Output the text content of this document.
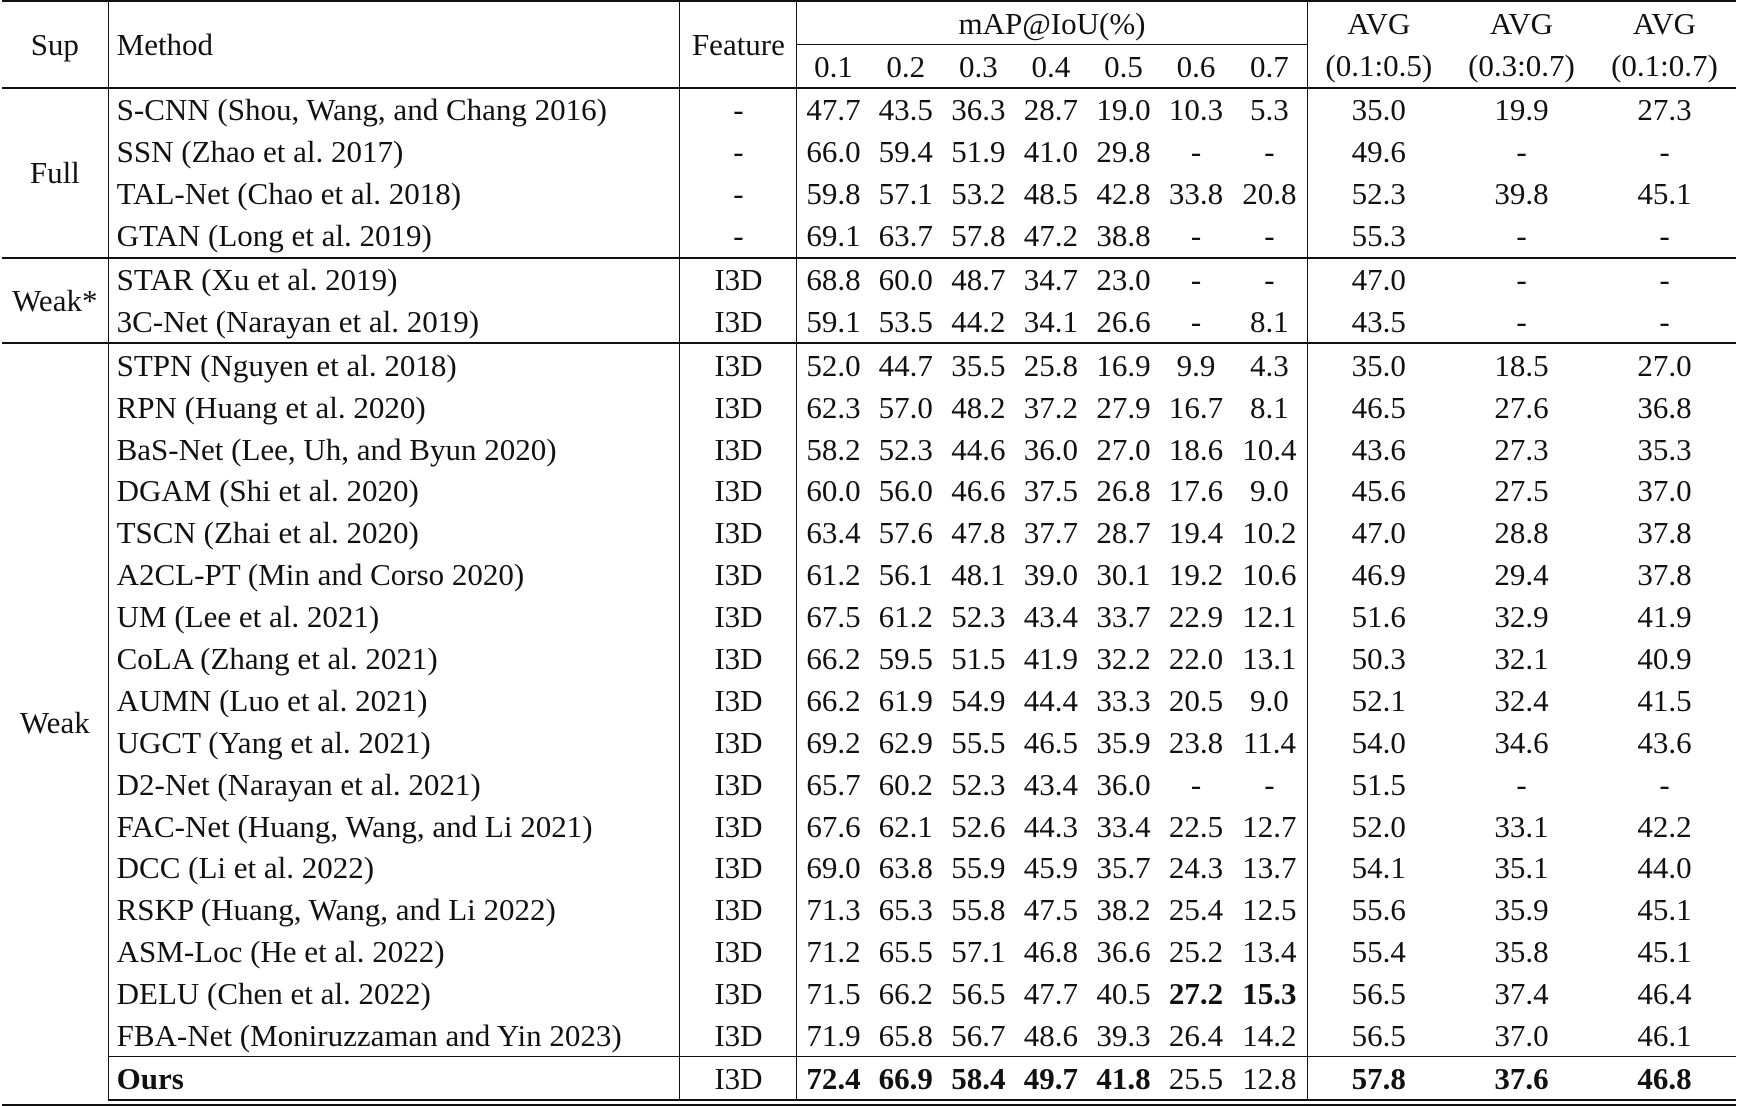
Sup	Method	Feature	mAP@IoU(%)							AVG	AVG	AVG
			0.1	0.2	0.3	0.4	0.5	0.6	0.7	(0.1:0.5)	(0.3:0.7)	(0.1:0.7)
Full	S-CNN (Shou, Wang, and Chang 2016)	-	47.7	43.5	36.3	28.7	19.0	10.3	5.3	35.0	19.9	27.3
	SSN (Zhao et al. 2017)	-	66.0	59.4	51.9	41.0	29.8	-	-	49.6	-	-
	TAL-Net (Chao et al. 2018)	-	59.8	57.1	53.2	48.5	42.8	33.8	20.8	52.3	39.8	45.1
	GTAN (Long et al. 2019)	-	69.1	63.7	57.8	47.2	38.8	-	-	55.3	-	-
Weak*	STAR (Xu et al. 2019)	I3D	68.8	60.0	48.7	34.7	23.0	-	-	47.0	-	-
	3C-Net (Narayan et al. 2019)	I3D	59.1	53.5	44.2	34.1	26.6	-	8.1	43.5	-	-
Weak	STPN (Nguyen et al. 2018)	I3D	52.0	44.7	35.5	25.8	16.9	9.9	4.3	35.0	18.5	27.0
	RPN (Huang et al. 2020)	I3D	62.3	57.0	48.2	37.2	27.9	16.7	8.1	46.5	27.6	36.8
	BaS-Net (Lee, Uh, and Byun 2020)	I3D	58.2	52.3	44.6	36.0	27.0	18.6	10.4	43.6	27.3	35.3
	DGAM (Shi et al. 2020)	I3D	60.0	56.0	46.6	37.5	26.8	17.6	9.0	45.6	27.5	37.0
	TSCN (Zhai et al. 2020)	I3D	63.4	57.6	47.8	37.7	28.7	19.4	10.2	47.0	28.8	37.8
	A2CL-PT (Min and Corso 2020)	I3D	61.2	56.1	48.1	39.0	30.1	19.2	10.6	46.9	29.4	37.8
	UM (Lee et al. 2021)	I3D	67.5	61.2	52.3	43.4	33.7	22.9	12.1	51.6	32.9	41.9
	CoLA (Zhang et al. 2021)	I3D	66.2	59.5	51.5	41.9	32.2	22.0	13.1	50.3	32.1	40.9
	AUMN (Luo et al. 2021)	I3D	66.2	61.9	54.9	44.4	33.3	20.5	9.0	52.1	32.4	41.5
	UGCT (Yang et al. 2021)	I3D	69.2	62.9	55.5	46.5	35.9	23.8	11.4	54.0	34.6	43.6
	D2-Net (Narayan et al. 2021)	I3D	65.7	60.2	52.3	43.4	36.0	-	-	51.5	-	-
	FAC-Net (Huang, Wang, and Li 2021)	I3D	67.6	62.1	52.6	44.3	33.4	22.5	12.7	52.0	33.1	42.2
	DCC (Li et al. 2022)	I3D	69.0	63.8	55.9	45.9	35.7	24.3	13.7	54.1	35.1	44.0
	RSKP (Huang, Wang, and Li 2022)	I3D	71.3	65.3	55.8	47.5	38.2	25.4	12.5	55.6	35.9	45.1
	ASM-Loc (He et al. 2022)	I3D	71.2	65.5	57.1	46.8	36.6	25.2	13.4	55.4	35.8	45.1
	DELU (Chen et al. 2022)	I3D	71.5	66.2	56.5	47.7	40.5	27.2	15.3	56.5	37.4	46.4
	FBA-Net (Moniruzzaman and Yin 2023)	I3D	71.9	65.8	56.7	48.6	39.3	26.4	14.2	56.5	37.0	46.1
	Ours	I3D	72.4	66.9	58.4	49.7	41.8	25.5	12.8	57.8	37.6	46.8
